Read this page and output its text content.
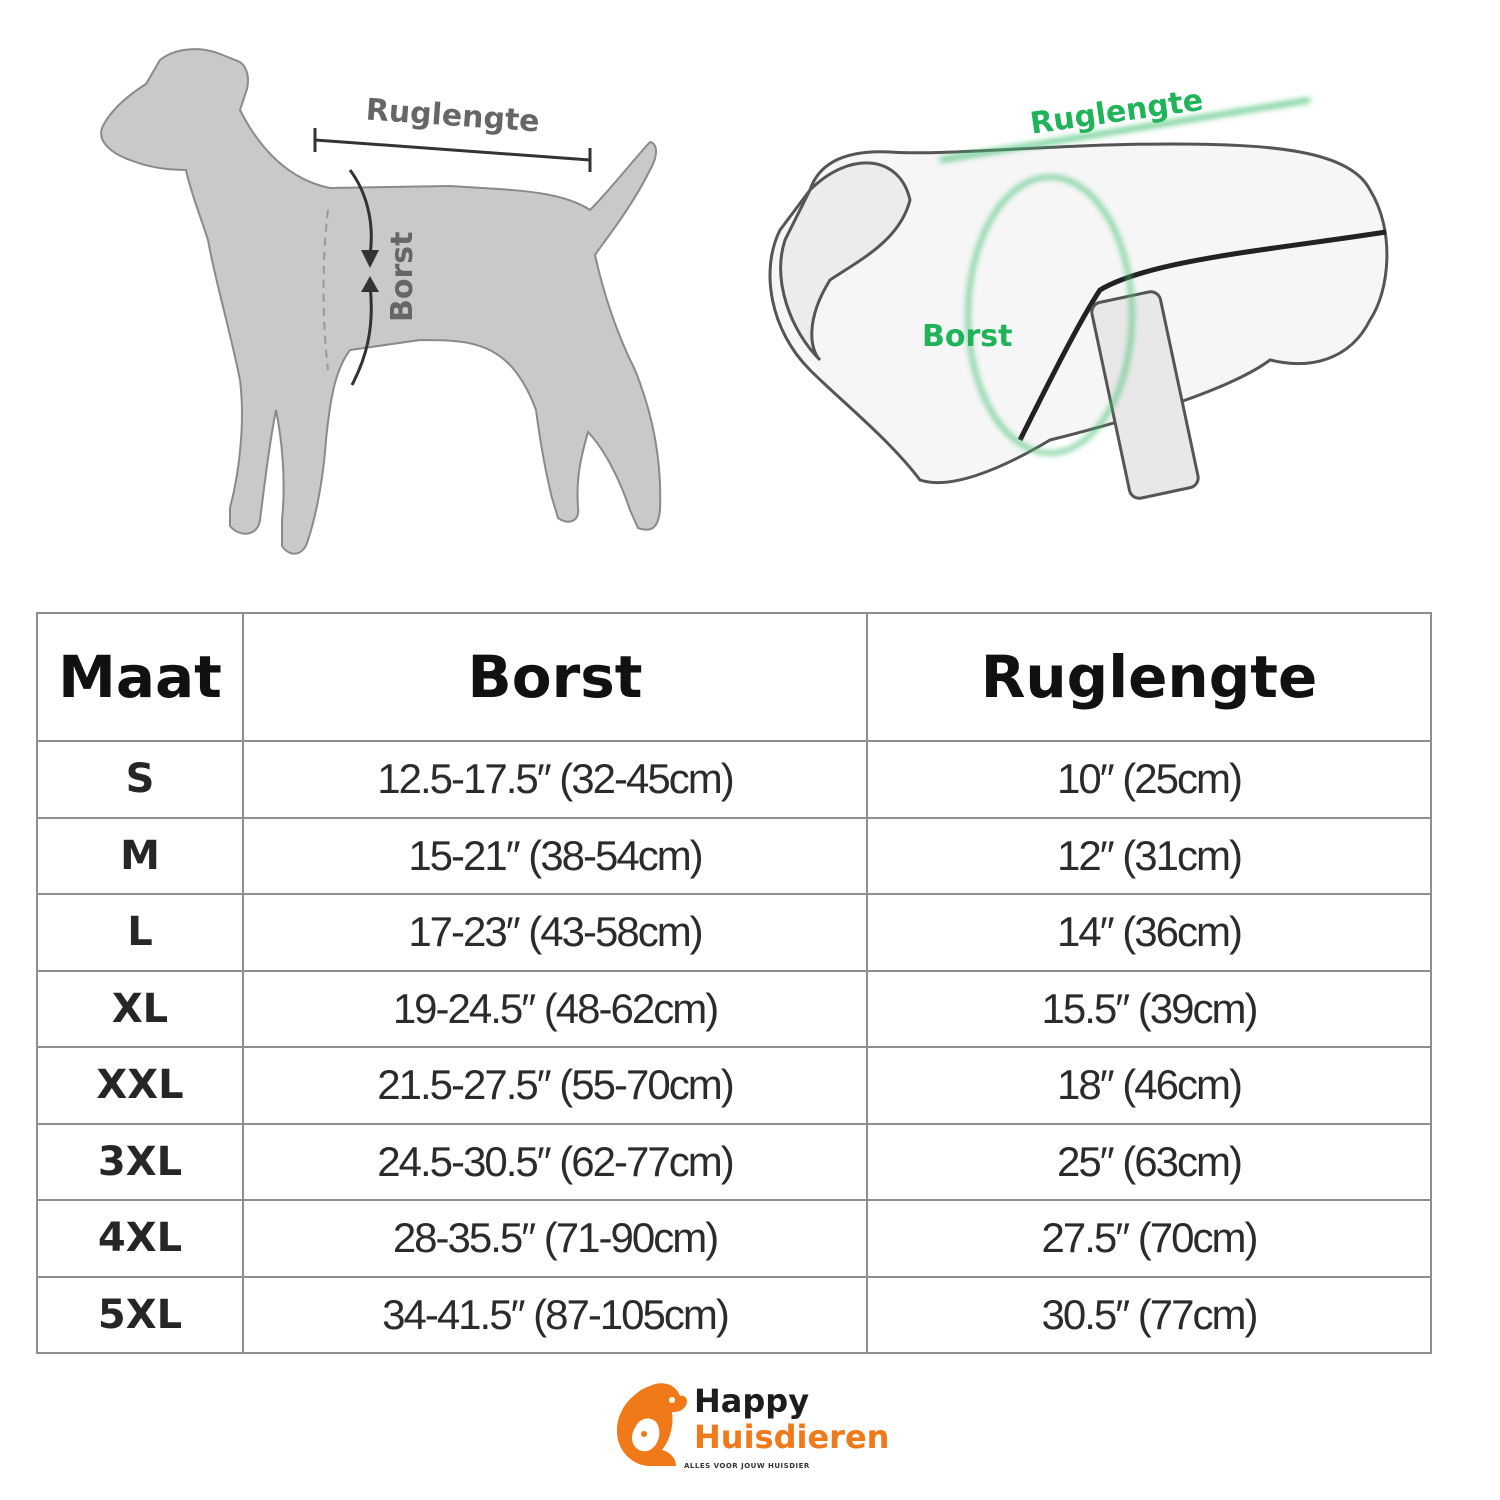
Ruglengte
Borst
Ruglengte
Borst
Maat	Borst	Ruglengte
S	12.5-17.5″ (32-45cm)	10″ (25cm)
M	15-21″ (38-54cm)	12″ (31cm)
L	17-23″ (43-58cm)	14″ (36cm)
XL	19-24.5″ (48-62cm)	15.5″ (39cm)
XXL	21.5-27.5″ (55-70cm)	18″ (46cm)
3XL	24.5-30.5″ (62-77cm)	25″ (63cm)
4XL	28-35.5″ (71-90cm)	27.5″ (70cm)
5XL	34-41.5″ (87-105cm)	30.5″ (77cm)
Happy
Huisdieren
ALLES VOOR JOUW HUISDIER
